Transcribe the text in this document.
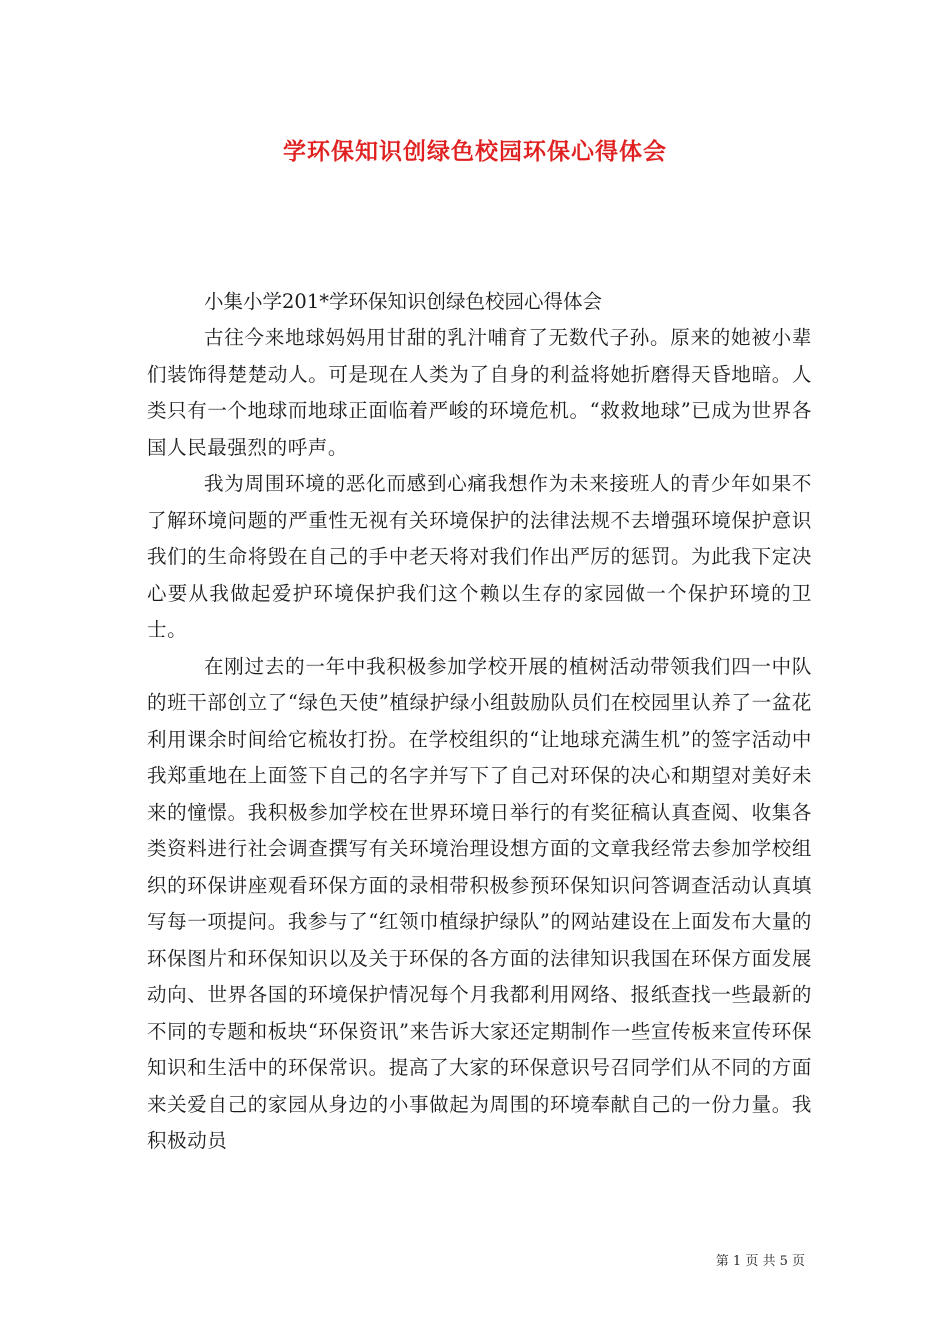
学环保知识创绿色校园环保心得体会

小集小学201*学环保知识创绿色校园心得体会

古往今来地球妈妈用甘甜的乳汁哺育了无数代子孙。原来的她被小辈们装饰得楚楚动人。可是现在人类为了自身的利益将她折磨得天昏地暗。人类只有一个地球而地球正面临着严峻的环境危机。“救救地球”已成为世界各国人民最强烈的呼声。

我为周围环境的恶化而感到心痛我想作为未来接班人的青少年如果不了解环境问题的严重性无视有关环境保护的法律法规不去增强环境保护意识我们的生命将毁在自己的手中老天将对我们作出严厉的惩罚。为此我下定决心要从我做起爱护环境保护我们这个赖以生存的家园做一个保护环境的卫士。

在刚过去的一年中我积极参加学校开展的植树活动带领我们四一中队的班干部创立了“绿色天使”植绿护绿小组鼓励队员们在校园里认养了一盆花利用课余时间给它梳妆打扮。在学校组织的“让地球充满生机”的签字活动中我郑重地在上面签下自己的名字并写下了自己对环保的决心和期望对美好未来的憧憬。我积极参加学校在世界环境日举行的有奖征稿认真查阅、收集各类资料进行社会调查撰写有关环境治理设想方面的文章我经常去参加学校组织的环保讲座观看环保方面的录相带积极参预环保知识问答调查活动认真填写每一项提问。我参与了“红领巾植绿护绿队”的网站建设在上面发布大量的环保图片和环保知识以及关于环保的各方面的法律知识我国在环保方面发展动向、世界各国的环境保护情况每个月我都利用网络、报纸查找一些最新的不同的专题和板块“环保资讯”来告诉大家还定期制作一些宣传板来宣传环保知识和生活中的环保常识。提高了大家的环保意识号召同学们从不同的方面来关爱自己的家园从身边的小事做起为周围的环境奉献自己的一份力量。我积极动员

第 1 页 共 5 页
